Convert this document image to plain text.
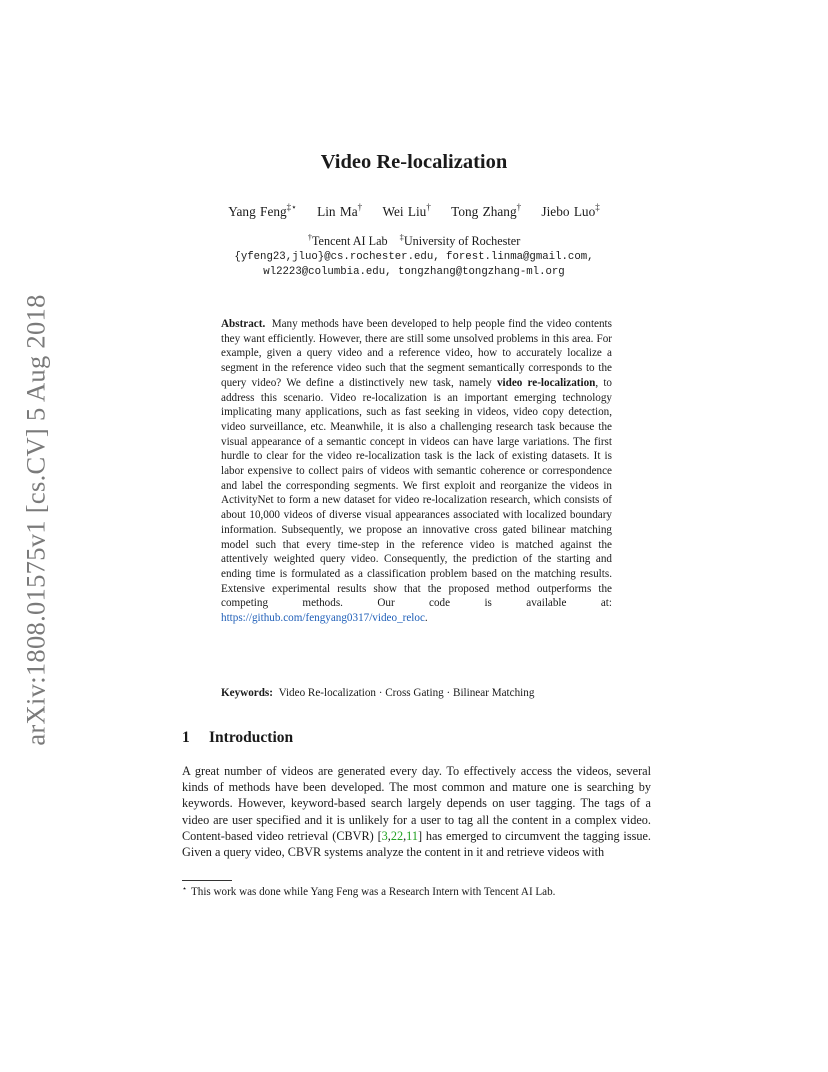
arXiv:1808.01575v1 [cs.CV] 5 Aug 2018
Video Re-localization
Yang Feng‡⋆ Lin Ma† Wei Liu† Tong Zhang† Jiebo Luo‡
†Tencent AI Lab ‡University of Rochester
{yfeng23,jluo}@cs.rochester.edu, forest.linma@gmail.com,
wl2223@columbia.edu, tongzhang@tongzhang-ml.org
Abstract. Many methods have been developed to help people find the video contents they want efficiently. However, there are still some unsolved problems in this area. For example, given a query video and a reference video, how to accurately localize a segment in the reference video such that the segment semantically corresponds to the query video? We define a distinctively new task, namely video re-localization, to address this scenario. Video re-localization is an important emerging technology implicating many applications, such as fast seeking in videos, video copy detection, video surveillance, etc. Meanwhile, it is also a challenging research task because the visual appearance of a semantic concept in videos can have large variations. The first hurdle to clear for the video re-localization task is the lack of existing datasets. It is labor expensive to collect pairs of videos with semantic coherence or correspondence and label the corresponding segments. We first exploit and reorganize the videos in ActivityNet to form a new dataset for video re-localization research, which consists of about 10,000 videos of diverse visual appearances associated with localized boundary information. Subsequently, we propose an innovative cross gated bilinear matching model such that every time-step in the reference video is matched against the attentively weighted query video. Consequently, the prediction of the starting and ending time is formulated as a classification problem based on the matching results. Extensive experimental results show that the proposed method outperforms the competing methods. Our code is available at: https://github.com/fengyang0317/video_reloc.
Keywords: Video Re-localization · Cross Gating · Bilinear Matching
1 Introduction
A great number of videos are generated every day. To effectively access the videos, several kinds of methods have been developed. The most common and mature one is searching by keywords. However, keyword-based search largely depends on user tagging. The tags of a video are user specified and it is unlikely for a user to tag all the content in a complex video. Content-based video retrieval (CBVR) [3,22,11] has emerged to circumvent the tagging issue. Given a query video, CBVR systems analyze the content in it and retrieve videos with
⋆ This work was done while Yang Feng was a Research Intern with Tencent AI Lab.
